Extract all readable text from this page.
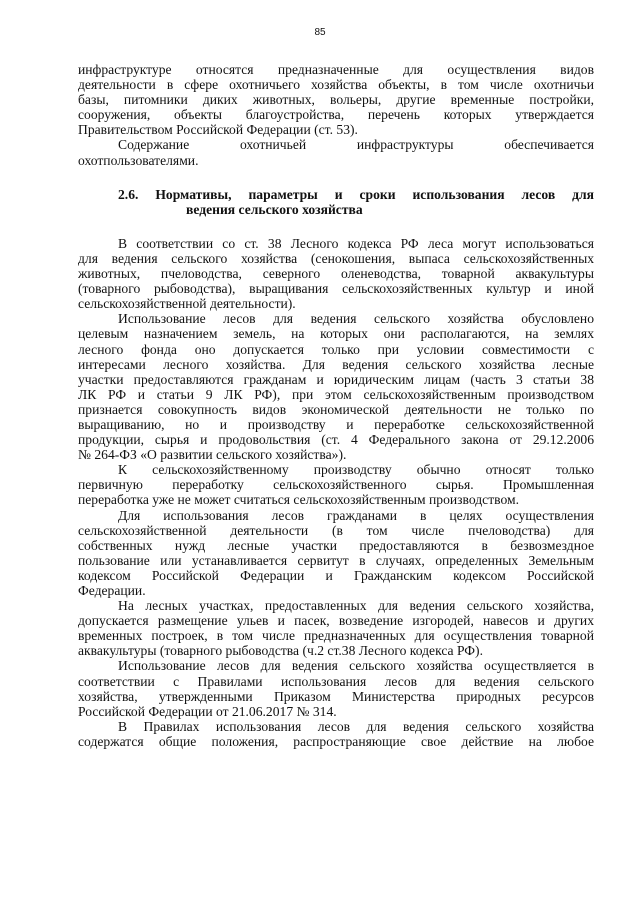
85
инфраструктуре относятся предназначенные для осуществления видов
деятельности в сфере охотничьего хозяйства объекты, в том числе охотничьи
базы, питомники диких животных, вольеры, другие временные постройки,
сооружения, объекты благоустройства, перечень которых утверждается
Правительством Российской Федерации (ст. 53).
Содержание охотничьей инфраструктуры обеспечивается
охотпользователями.
2.6. Нормативы, параметры и сроки использования лесов для
ведения сельского хозяйства
В соответствии со ст. 38 Лесного кодекса РФ леса могут использоваться
для ведения сельского хозяйства (сенокошения, выпаса сельскохозяйственных
животных, пчеловодства, северного оленеводства, товарной аквакультуры
(товарного рыбоводства), выращивания сельскохозяйственных культур и иной
сельскохозяйственной деятельности).
Использование лесов для ведения сельского хозяйства обусловлено
целевым назначением земель, на которых они располагаются, на землях
лесного фонда оно допускается только при условии совместимости с
интересами лесного хозяйства. Для ведения сельского хозяйства лесные
участки предоставляются гражданам и юридическим лицам (часть 3 статьи 38
ЛК РФ и статьи 9 ЛК РФ), при этом сельскохозяйственным производством
признается совокупность видов экономической деятельности не только по
выращиванию, но и производству и переработке сельскохозяйственной
продукции, сырья и продовольствия (ст. 4 Федерального закона от 29.12.2006
№ 264-ФЗ «О развитии сельского хозяйства»).
К сельскохозяйственному производству обычно относят только
первичную переработку сельскохозяйственного сырья. Промышленная
переработка уже не может считаться сельскохозяйственным производством.
Для использования лесов гражданами в целях осуществления
сельскохозяйственной деятельности (в том числе пчеловодства) для
собственных нужд лесные участки предоставляются в безвозмездное
пользование или устанавливается сервитут в случаях, определенных Земельным
кодексом Российской Федерации и Гражданским кодексом Российской
Федерации.
На лесных участках, предоставленных для ведения сельского хозяйства,
допускается размещение ульев и пасек, возведение изгородей, навесов и других
временных построек, в том числе предназначенных для осуществления товарной
аквакультуры (товарного рыбоводства (ч.2 ст.38 Лесного кодекса РФ).
Использование лесов для ведения сельского хозяйства осуществляется в
соответствии с Правилами использования лесов для ведения сельского
хозяйства, утвержденными Приказом Министерства природных ресурсов
Российской Федерации от 21.06.2017 № 314.
В Правилах использования лесов для ведения сельского хозяйства
содержатся общие положения, распространяющие свое действие на любое
